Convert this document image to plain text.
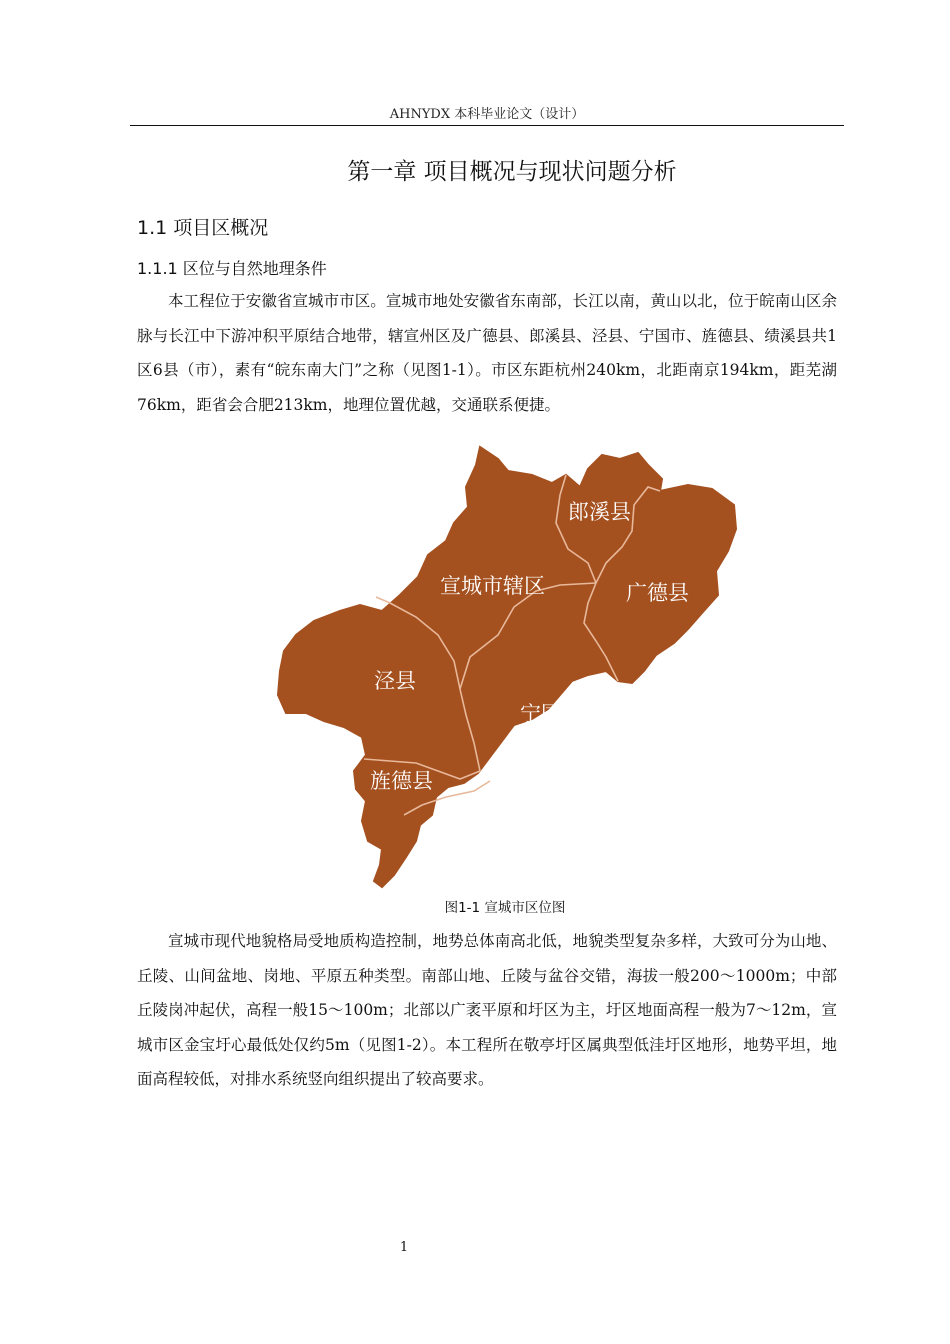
AHNYDX 本科毕业论文（设计）
第一章 项目概况与现状问题分析
1.1 项目区概况
1.1.1 区位与自然地理条件

本工程位于安徽省宣城市市区。宣城市地处安徽省东南部，长江以南，黄山以北，位于皖南山区余脉与长江中下游冲积平原结合地带，辖宣州区及广德县、郎溪县、泾县、宁国市、旌德县、绩溪县共1区6县（市），素有“皖东南大门”之称（见图1-1）。市区东距杭州240km，北距南京194km，距芜湖76km，距省会合肥213km，地理位置优越，交通联系便捷。

郎溪县
宣城市辖区	广德县
泾县
宁国市
旌德县
绩溪县
图1-1 宣城市区位图

宣城市现代地貌格局受地质构造控制，地势总体南高北低，地貌类型复杂多样，大致可分为山地、丘陵、山间盆地、岗地、平原五种类型。南部山地、丘陵与盆谷交错，海拔一般200～1000m；中部丘陵岗冲起伏，高程一般15～100m；北部以广袤平原和圩区为主，圩区地面高程一般为7～12m，宣城市区金宝圩心最低处仅约5m（见图1-2）。本工程所在敬亭圩区属典型低洼圩区地形，地势平坦，地面高程较低，对排水系统竖向组织提出了较高要求。

1
